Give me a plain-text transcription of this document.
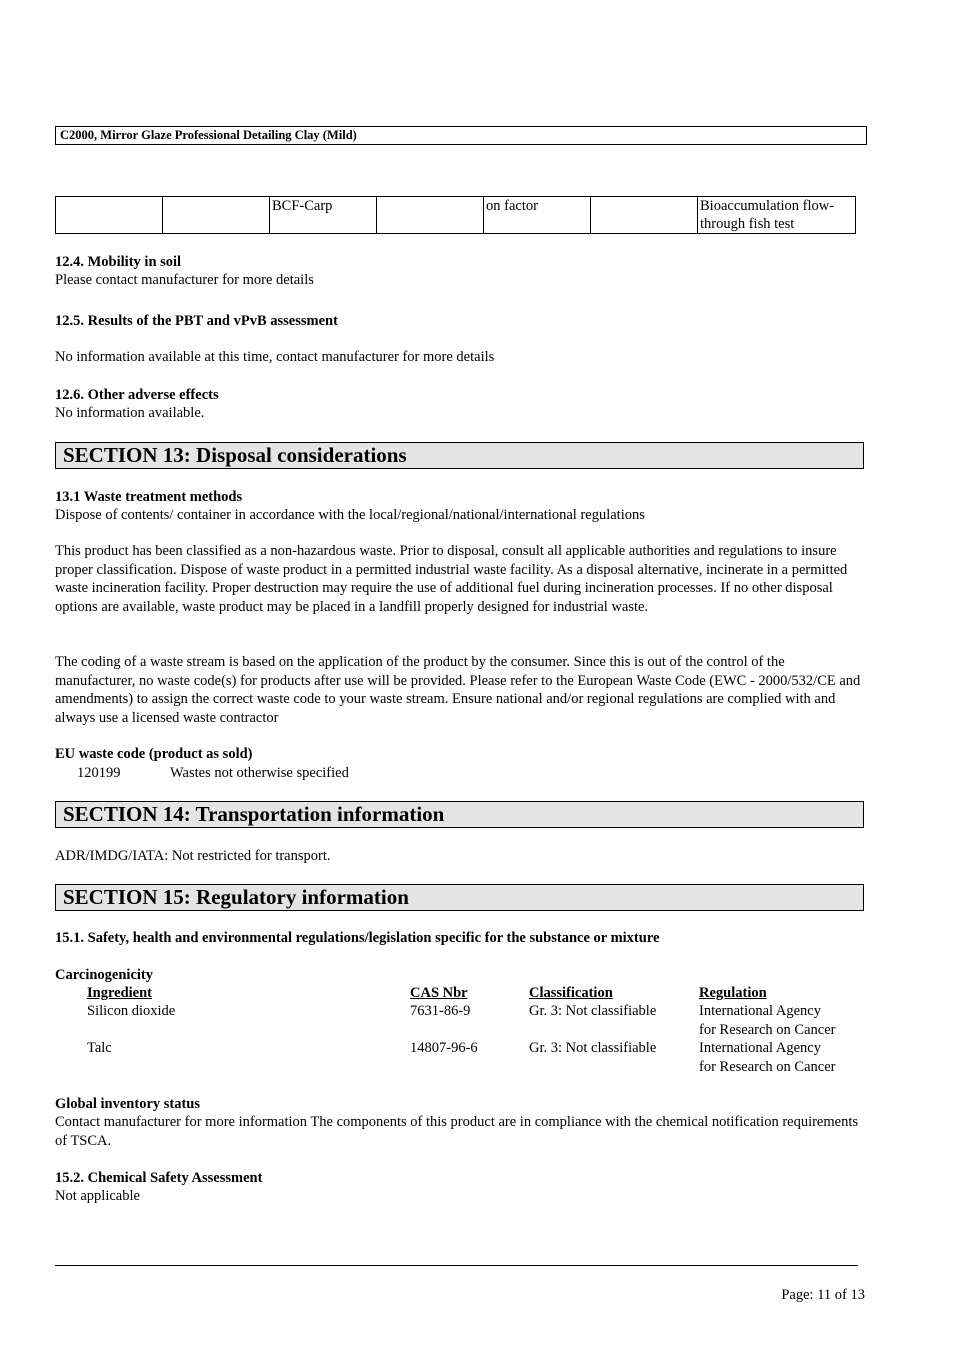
C2000, Mirror Glaze Professional Detailing Clay (Mild)
		BCF-Carp		on factor		Bioaccumulation flow-through fish test
12.4. Mobility in soil
Please contact manufacturer for more details
12.5. Results of the PBT and vPvB assessment
No information available at this time, contact manufacturer for more details
12.6. Other adverse effects
No information available.
SECTION 13: Disposal considerations
13.1 Waste treatment methods
Dispose of contents/ container in accordance with the local/regional/national/international regulations
This product has been classified as a non-hazardous waste. Prior to disposal, consult all applicable authorities and regulations to insure proper classification. Dispose of waste product in a permitted industrial waste facility. As a disposal alternative, incinerate in a permitted waste incineration facility. Proper destruction may require the use of additional fuel during incineration processes. If no other disposal options are available, waste product may be placed in a landfill properly designed for industrial waste.
The coding of a waste stream is based on the application of the product by the consumer. Since this is out of the control of the manufacturer, no waste code(s) for products after use will be provided. Please refer to the European Waste Code (EWC - 2000/532/CE and amendments) to assign the correct waste code to your waste stream. Ensure national and/or regional regulations are complied with and always use a licensed waste contractor
EU waste code (product as sold)
120199	Wastes not otherwise specified
SECTION 14: Transportation information
ADR/IMDG/IATA: Not restricted for transport.
SECTION 15: Regulatory information
15.1. Safety, health and environmental regulations/legislation specific for the substance or mixture
Carcinogenicity
Ingredient	CAS Nbr	Classification	Regulation
Silicon dioxide	7631-86-9	Gr. 3: Not classifiable	International Agency
for Research on Cancer
Talc	14807-96-6	Gr. 3: Not classifiable	International Agency
for Research on Cancer
Global inventory status
Contact manufacturer for more information The components of this product are in compliance with the chemical notification requirements of TSCA.
15.2. Chemical Safety Assessment
Not applicable
Page: 11 of 13
